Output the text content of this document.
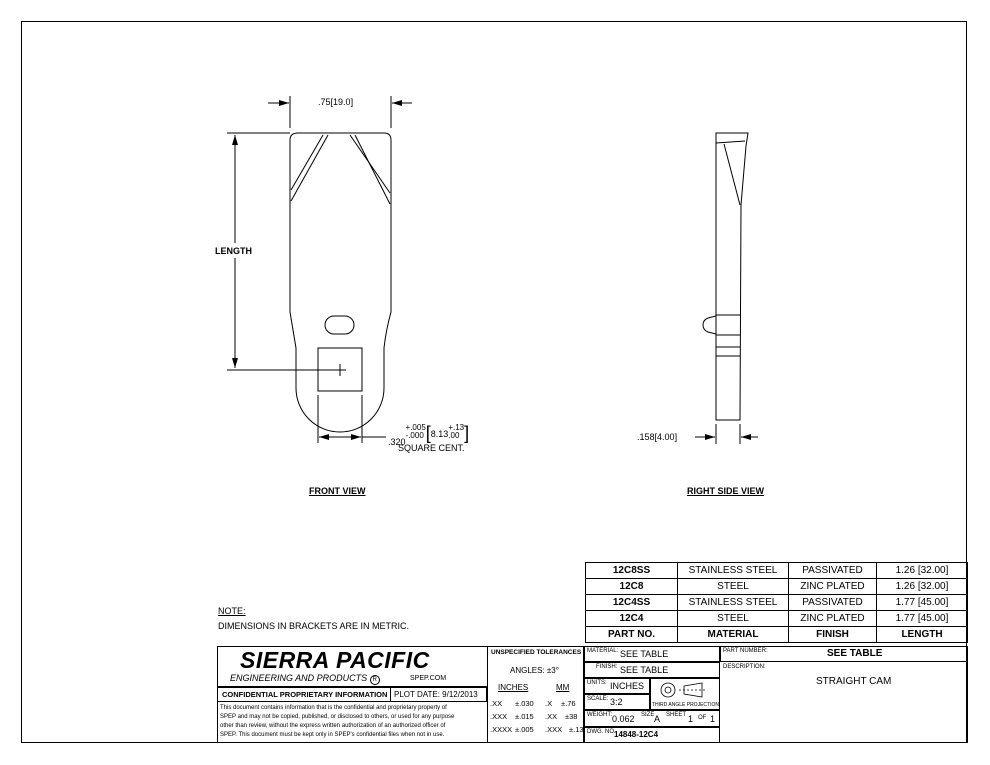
.75[19.0]
LENGTH
.320+.005
-.000 [8.13+.13
.00 ]
SQUARE CENT.
FRONT VIEW
.158[4.00]
RIGHT SIDE VIEW
12C8SS	STAINLESS STEEL	PASSIVATED	1.26 [32.00]
12C8	STEEL	ZINC PLATED	1.26 [32.00]
12C4SS	STAINLESS STEEL	PASSIVATED	1.77 [45.00]
12C4	STEEL	ZINC PLATED	1.77 [45.00]
PART NO.	MATERIAL	FINISH	LENGTH
NOTE:
DIMENSIONS IN BRACKETS ARE IN METRIC.
SIERRA PACIFIC
ENGINEERING AND PRODUCTS R	SPEP.COM
CONFIDENTIAL PROPRIETARY INFORMATION PLOT DATE: 9/12/2013
This document contains information that is the confidential and proprietary property of
SPEP and may not be copied, published, or disclosed to others, or used for any purpose
other than review, without the express written authorization of an authorized officer of
SPEP. This document must be kept only in SPEP's confidential files when not in use.
UNSPECIFIED TOLERANCES
ANGLES: ±3°
INCHES	MM
.XX ±.030 .X ±.76
.XXX ±.015 .XX ±38
.XXXX ±.005 .XXX ±.13
MATERIAL: SEE TABLE
FINISH: SEE TABLE
UNITS: INCHES
SCALE: 3:2	THIRD ANGLE PROJECTION
WEIGHT: 0.062 SIZE A SHEET 1 OF 1
DWG. NO.
14848-12C4
PART NUMBER:	SEE TABLE
DESCRIPTION:
STRAIGHT CAM
